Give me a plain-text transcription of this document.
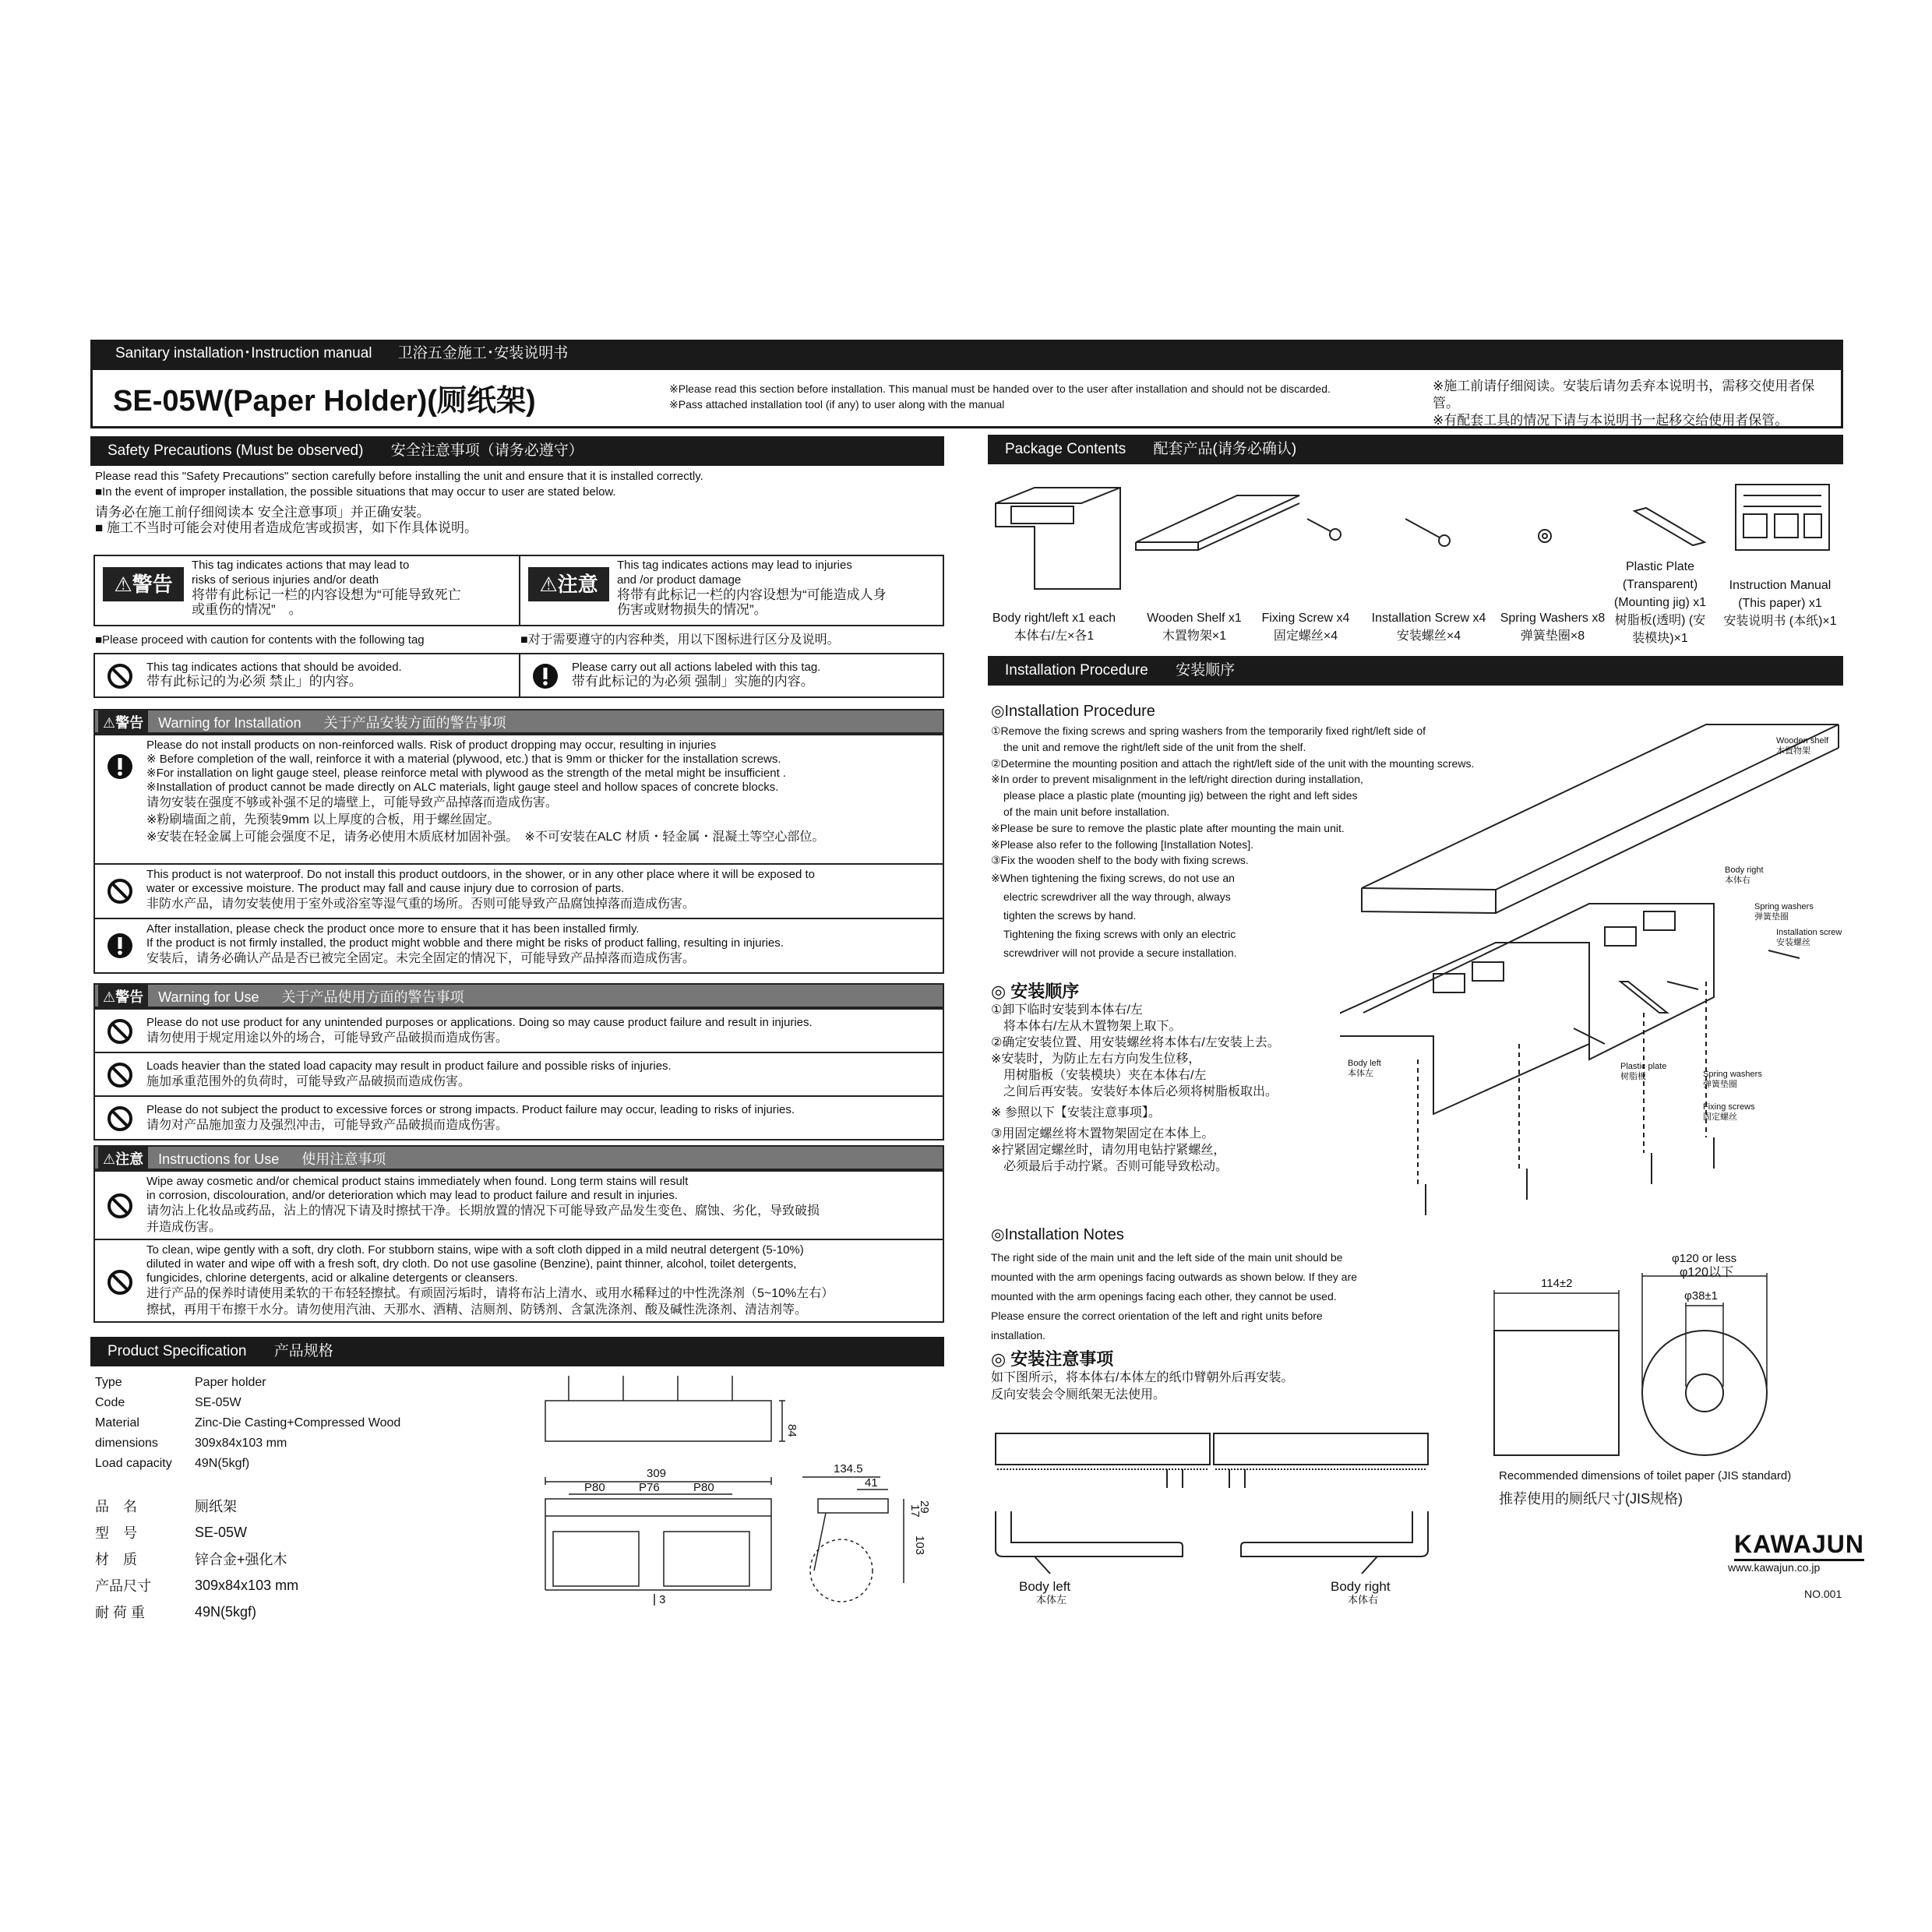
Sanitary installation･Instruction manual 卫浴五金施工･安装说明书
SE-05W(Paper Holder)(厕纸架)	※Please read this section before installation. This manual must be handed over to the user after installation and should not be discarded.
※Pass attached installation tool (if any) to user along with the manual
※施工前请仔细阅读。安装后请勿丢弃本说明书，需移交使用者保管。
※有配套工具的情况下请与本说明书一起移交给使用者保管。
Safety Precautions (Must be observed) 安全注意事项（请务必遵守）
Please read this "Safety Precautions" section carefully before installing the unit and ensure that it is installed correctly.
■In the event of improper installation, the possible situations that may occur to user are stated below.
请务必在施工前仔细阅读本 安全注意事项」并正确安装。
■ 施工不当时可能会对使用者造成危害或损害，如下作具体说明。
⚠警告
This tag indicates actions that may lead to
risks of serious injuries and/or death
将带有此标记一栏的内容设想为“可能导致死亡
或重伤的情况”　。
⚠注意
This tag indicates actions may lead to injuries
and /or product damage
将带有此标记一栏的内容设想为“可能造成人身
伤害或财物损失的情况”。
■Please proceed with caution for contents with the following tag	■对于需要遵守的内容种类，用以下图标进行区分及说明。
This tag indicates actions that should be avoided.
带有此标记的为必须 禁止」的内容。
Please carry out all actions labeled with this tag.
带有此标记的为必须 强制」实施的内容。
⚠警告 Warning for Installation 关于产品安装方面的警告事项
Please do not install products on non-reinforced walls. Risk of product dropping may occur, resulting in injuries
※ Before completion of the wall, reinforce it with a material (plywood, etc.) that is 9mm or thicker for the installation screws.
※For installation on light gauge steel, please reinforce metal with plywood as the strength of the metal might be insufficient .
※Installation of product cannot be made directly on ALC materials, light gauge steel and hollow spaces of concrete blocks.
请勿安装在强度不够或补强不足的墙壁上，可能导致产品掉落而造成伤害。
※粉刷墙面之前，先预装9mm 以上厚度的合板，用于螺丝固定。
※安装在轻金属上可能会强度不足，请务必使用木质底材加固补强。　※不可安装在ALC 材质・轻金属・混凝土等空心部位。
This product is not waterproof. Do not install this product outdoors, in the shower, or in any other place where it will be exposed to
water or excessive moisture. The product may fall and cause injury due to corrosion of parts.
非防水产品，请勿安装使用于室外或浴室等湿气重的场所。否则可能导致产品腐蚀掉落而造成伤害。
After installation, please check the product once more to ensure that it has been installed firmly.
If the product is not firmly installed, the product might wobble and there might be risks of product falling, resulting in injuries.
安装后，请务必确认产品是否已被完全固定。未完全固定的情况下，可能导致产品掉落而造成伤害。
⚠警告 Warning for Use 关于产品使用方面的警告事项
Please do not use product for any unintended purposes or applications. Doing so may cause product failure and result in injuries.
请勿使用于规定用途以外的场合，可能导致产品破损而造成伤害。
Loads heavier than the stated load capacity may result in product failure and possible risks of injuries.
施加承重范围外的负荷时，可能导致产品破损而造成伤害。
Please do not subject the product to excessive forces or strong impacts. Product failure may occur, leading to risks of injuries.
请勿对产品施加蛮力及强烈冲击，可能导致产品破损而造成伤害。
⚠注意 Instructions for Use 使用注意事项
Wipe away cosmetic and/or chemical product stains immediately when found. Long term stains will result
in corrosion, discolouration, and/or deterioration which may lead to product failure and result in injuries.
请勿沾上化妆品或药品，沾上的情况下请及时擦拭干净。长期放置的情况下可能导致产品发生变色、腐蚀、劣化，导致破损
并造成伤害。
To clean, wipe gently with a soft, dry cloth. For stubborn stains, wipe with a soft cloth dipped in a mild neutral detergent (5-10%)
diluted in water and wipe off with a fresh soft, dry cloth. Do not use gasoline (Benzine), paint thinner, alcohol, toilet detergents,
fungicides, chlorine detergents, acid or alkaline detergents or cleansers.
进行产品的保养时请使用柔软的干布轻轻擦拭。有顽固污垢时，请将布沾上清水、或用水稀释过的中性洗涤剂（5~10%左右）
擦拭，再用干布擦干水分。请勿使用汽油、天那水、酒精、洁厕剂、防锈剂、含氯洗涤剂、酸及碱性洗涤剂、清洁剂等。
Product Specification 产品规格
Type	Paper holder
Code	SE-05W
Material	Zinc-Die Casting+Compressed Wood
dimensions	309x84x103 mm
Load capacity	49N(5kgf)
品　名	厕纸架
型　号	SE-05W
材　质	锌合金+强化木
产品尺寸	309x84x103 mm
耐 荷 重	49N(5kgf)
84
309
P80	P76	P80
134.5
41
17
29
103
3
Package Contents 配套产品(请务必确认)
Body right/left x1 each
本体右/左×各1
Wooden Shelf x1
木置物架×1
Fixing Screw x4
固定螺丝×4
Installation Screw x4
安装螺丝×4
Spring Washers x8
弹簧垫圈×8
Plastic Plate (Transparent) (Mounting jig) x1
树脂板(透明) (安装模块)×1
Instruction Manual (This paper) x1
安装说明书 (本纸)×1
Installation Procedure 安装顺序
◎Installation Procedure
①Remove the fixing screws and spring washers from the temporarily fixed right/left side of
the unit and remove the right/left side of the unit from the shelf.
②Determine the mounting position and attach the right/left side of the unit with the mounting screws.
※In order to prevent misalignment in the left/right direction during installation,
please place a plastic plate (mounting jig) between the right and left sides
of the main unit before installation.
※Please be sure to remove the plastic plate after mounting the main unit.
※Please also refer to the following [Installation Notes].
③Fix the wooden shelf to the body with fixing screws.
※When tightening the fixing screws, do not use an
electric screwdriver all the way through, always
tighten the screws by hand.
Tightening the fixing screws with only an electric
screwdriver will not provide a secure installation.
◎ 安装顺序
①卸下临时安装到本体右/左
将本体右/左从木置物架上取下。
②确定安装位置、用安装螺丝将本体右/左安装上去。
※安装时，为防止左右方向发生位移，
用树脂板（安装模块）夹在本体右/左
之间后再安装。安装好本体后必须将树脂板取出。
※ 参照以下【安装注意事项】。
③用固定螺丝将木置物架固定在本体上。
※拧紧固定螺丝时，请勿用电钻拧紧螺丝，
必须最后手动拧紧。否则可能导致松动。
Wooden shelf
木置物架
Body right
本体右
Spring washers
弹簧垫圈
Installation screw
安装螺丝
Body left
本体左
Plastic plate
树脂板	Spring washers
弹簧垫圈
Fixing screws
固定螺丝
◎Installation Notes
The right side of the main unit and the left side of the main unit should be
mounted with the arm openings facing outwards as shown below. If they are
mounted with the arm openings facing each other, they cannot be used.
Please ensure the correct orientation of the left and right units before
installation.
◎ 安装注意事项
如下图所示，将本体右/本体左的纸巾臂朝外后再安装。
反向安装会令厕纸架无法使用。
Body left	Body right
本体左	本体右
114±2
φ120 or less
φ120以下
φ38±1
Recommended dimensions of toilet paper (JIS standard)
推荐使用的厕纸尺寸(JIS规格)
KAWAJUN
www.kawajun.co.jp
NO.001
